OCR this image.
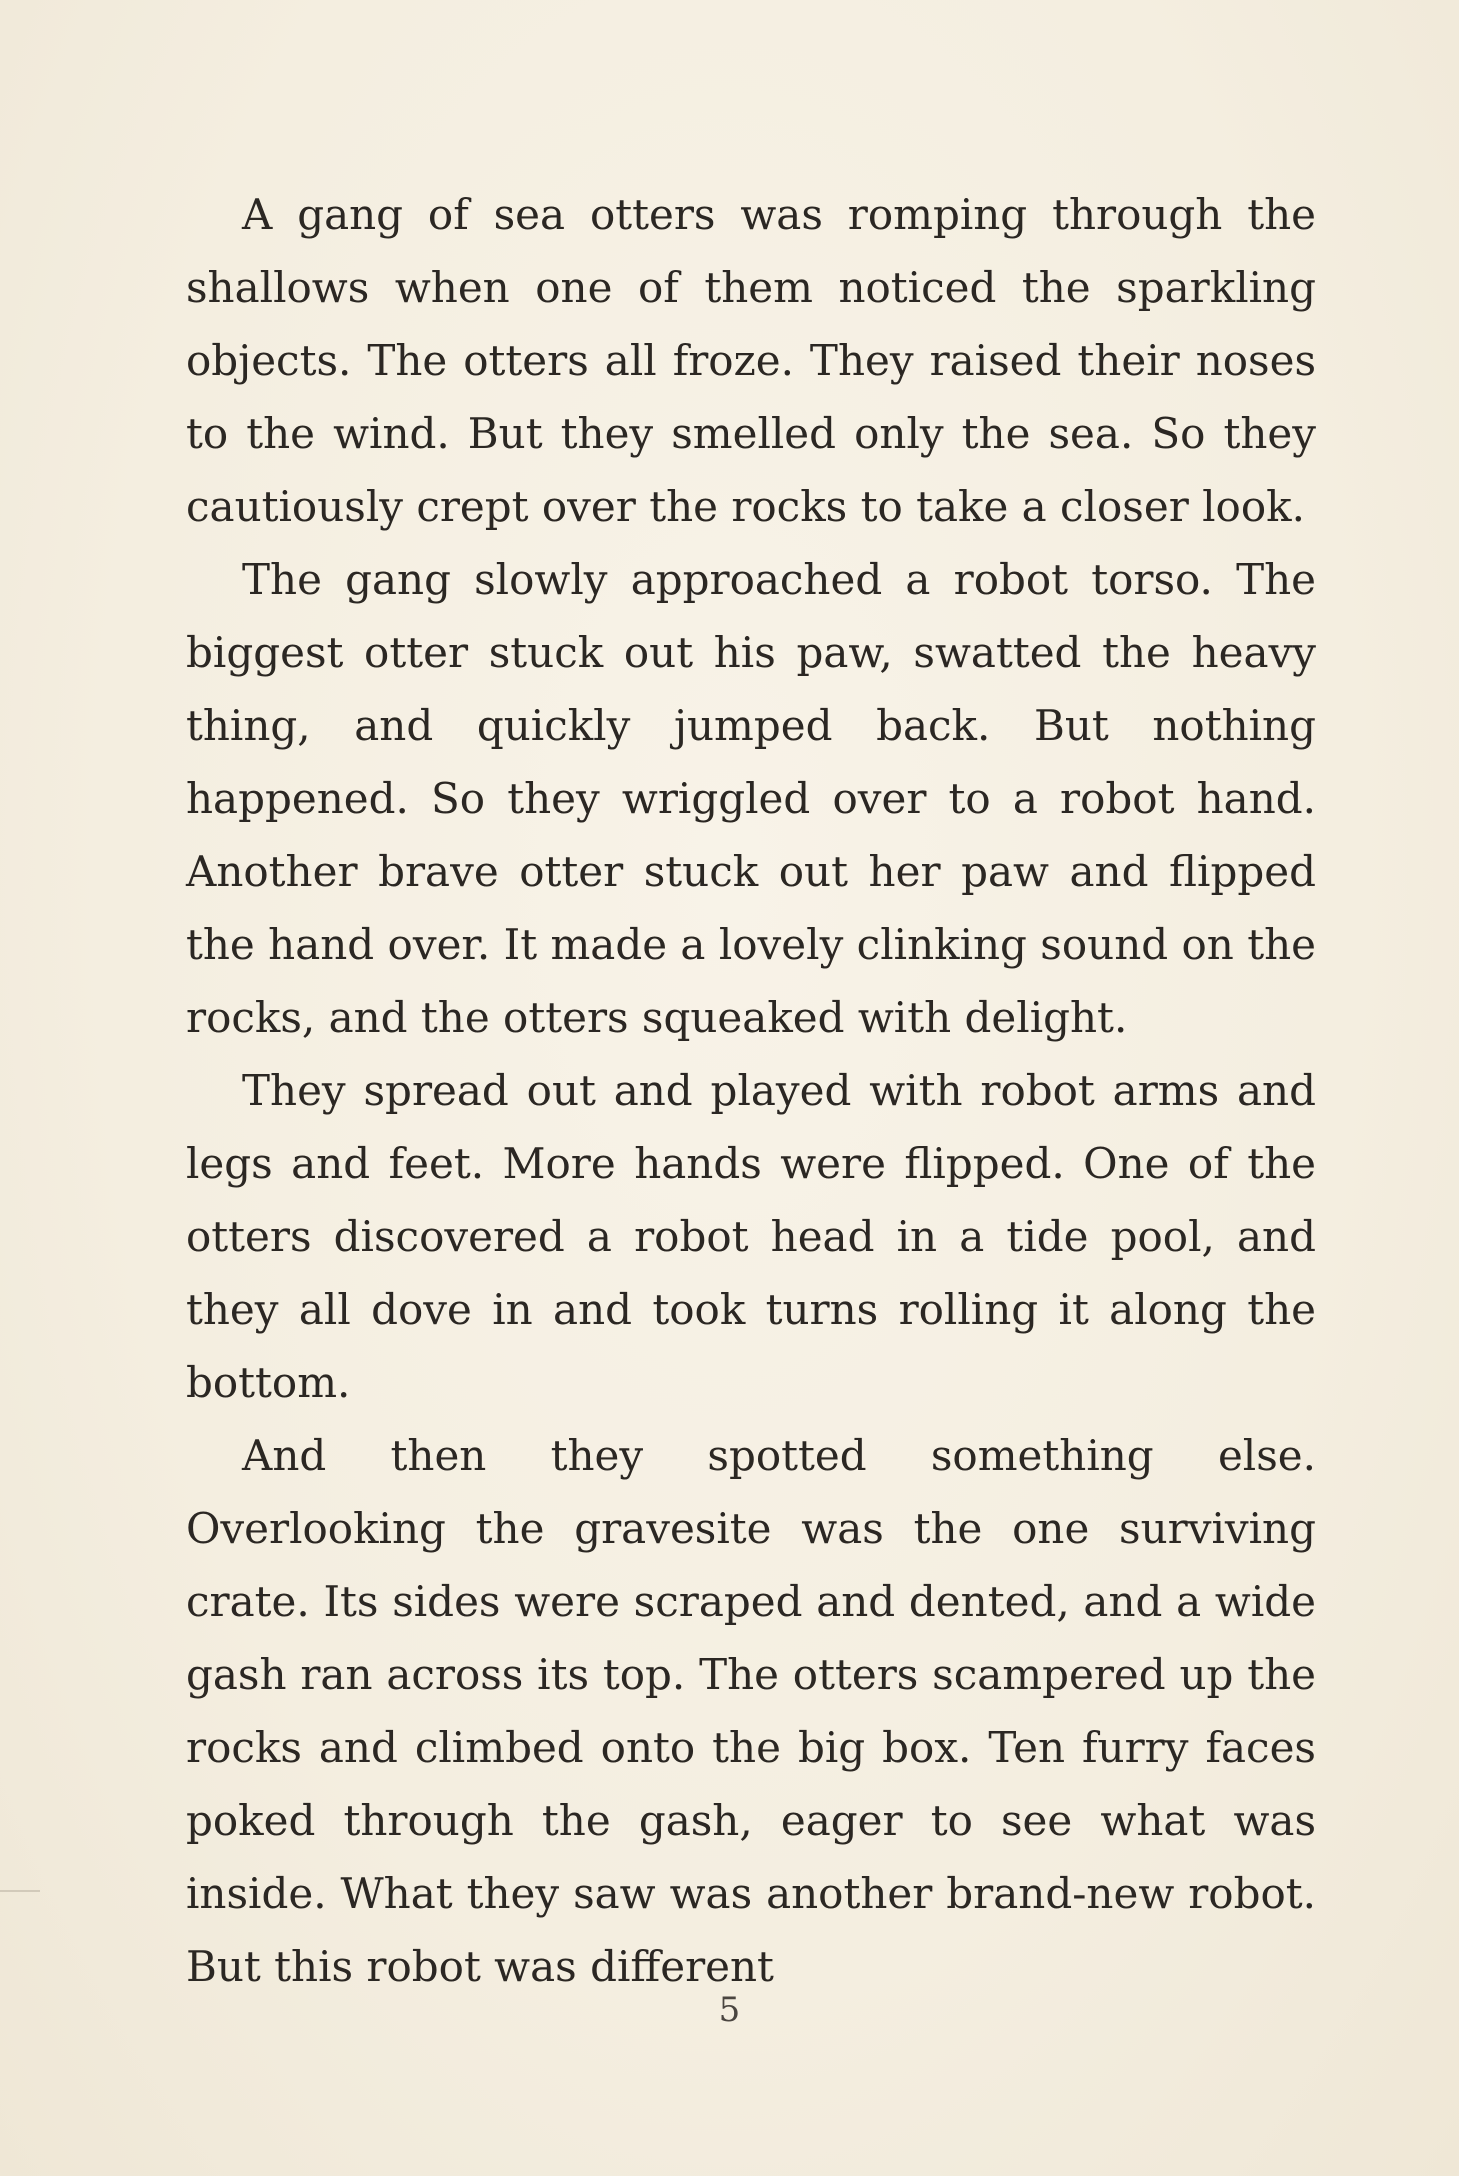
A gang of sea otters was romping through the shallows when one of them noticed the sparkling objects. The otters all froze. They raised their noses to the wind. But they smelled only the sea. So they cautiously crept over the rocks to take a closer look.

The gang slowly approached a robot torso. The biggest otter stuck out his paw, swatted the heavy thing, and quickly jumped back. But nothing happened. So they wriggled over to a robot hand. Another brave otter stuck out her paw and flipped the hand over. It made a lovely clinking sound on the rocks, and the otters squeaked with delight.

They spread out and played with robot arms and legs and feet. More hands were flipped. One of the otters discovered a robot head in a tide pool, and they all dove in and took turns rolling it along the bottom.

And then they spotted something else. Overlooking the gravesite was the one surviving crate. Its sides were scraped and dented, and a wide gash ran across its top. The otters scampered up the rocks and climbed onto the big box. Ten furry faces poked through the gash, eager to see what was inside. What they saw was another brand-new robot. But this robot was different

5
